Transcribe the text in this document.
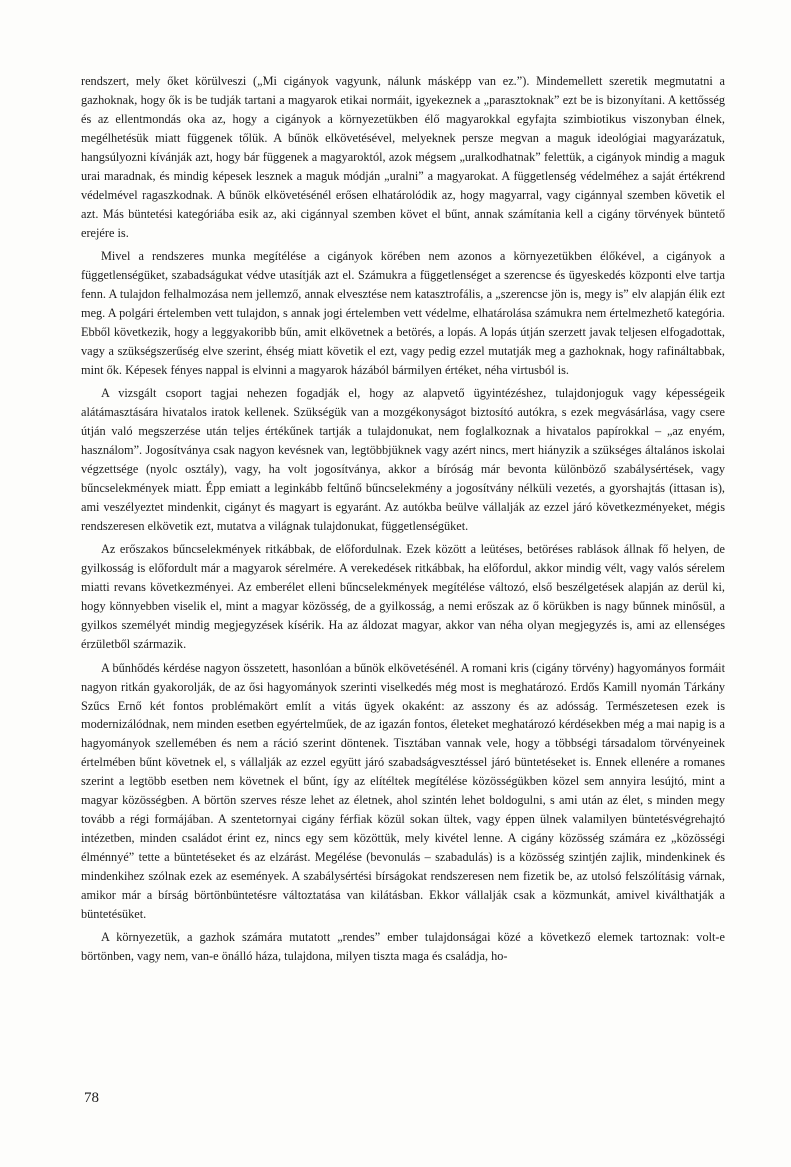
rendszert, mely őket körülveszi („Mi cigányok vagyunk, nálunk másképp van ez.”). Mindemellett szeretik megmutatni a gazhoknak, hogy ők is be tudják tartani a magyarok etikai normáit, igyekeznek a „parasztoknak” ezt be is bizonyítani. A kettősség és az ellentmondás oka az, hogy a cigányok a környezetükben élő magyarokkal egyfajta szimbiotikus viszonyban élnek, megélhetésük miatt függenek tőlük. A bűnök elkövetésével, melyeknek persze megvan a maguk ideológiai magyarázatuk, hangsúlyozni kívánják azt, hogy bár függenek a magyaroktól, azok mégsem „uralkodhatnak” felettük, a cigányok mindig a maguk urai maradnak, és mindig képesek lesznek a maguk módján „uralni” a magyarokat. A függetlenség védelméhez a saját értékrend védelmével ragaszkodnak. A bűnök elkövetésénél erősen elhatárolódik az, hogy magyarral, vagy cigánnyal szemben követik el azt. Más büntetési kategóriába esik az, aki cigánnyal szemben követ el bűnt, annak számítania kell a cigány törvények büntető erejére is.

Mivel a rendszeres munka megítélése a cigányok körében nem azonos a környezetükben élőkével, a cigányok a függetlenségüket, szabadságukat védve utasítják azt el. Számukra a függetlenséget a szerencse és ügyeskedés központi elve tartja fenn. A tulajdon felhalmozása nem jellemző, annak elvesztése nem katasztrofális, a „szerencse jön is, megy is” elv alapján élik ezt meg. A polgári értelemben vett tulajdon, s annak jogi értelemben vett védelme, elhatárolása számukra nem értelmezhető kategória. Ebből következik, hogy a leggyakoribb bűn, amit elkövetnek a betörés, a lopás. A lopás útján szerzett javak teljesen elfogadottak, vagy a szükségszerűség elve szerint, éhség miatt követik el ezt, vagy pedig ezzel mutatják meg a gazhoknak, hogy rafináltabbak, mint ők. Képesek fényes nappal is elvinni a magyarok házából bármilyen értéket, néha virtusból is.

A vizsgált csoport tagjai nehezen fogadják el, hogy az alapvető ügyintézéshez, tulajdonjoguk vagy képességeik alátámasztására hivatalos iratok kellenek. Szükségük van a mozgékonyságot biztosító autókra, s ezek megvásárlása, vagy csere útján való megszerzése után teljes értékűnek tartják a tulajdonukat, nem foglalkoznak a hivatalos papírokkal – „az enyém, használom”. Jogosítványa csak nagyon kevésnek van, legtöbbjüknek vagy azért nincs, mert hiányzik a szükséges általános iskolai végzettsége (nyolc osztály), vagy, ha volt jogosítványa, akkor a bíróság már bevonta különböző szabálysértések, vagy bűncselekmények miatt. Épp emiatt a leginkább feltűnő bűncselekmény a jogosítvány nélküli vezetés, a gyorshajtás (ittasan is), ami veszélyeztet mindenkit, cigányt és magyart is egyaránt. Az autókba beülve vállalják az ezzel járó következményeket, mégis rendszeresen elkövetik ezt, mutatva a világnak tulajdonukat, függetlenségüket.

Az erőszakos bűncselekmények ritkábbak, de előfordulnak. Ezek között a leütéses, betöréses rablások állnak fő helyen, de gyilkosság is előfordult már a magyarok sérelmére. A verekedések ritkábbak, ha előfordul, akkor mindig vélt, vagy valós sérelem miatti revans következményei. Az emberélet elleni bűncselekmények megítélése változó, első beszélgetések alapján az derül ki, hogy könnyebben viselik el, mint a magyar közösség, de a gyilkosság, a nemi erőszak az ő körükben is nagy bűnnek minősül, a gyilkos személyét mindig megjegyzések kísérik. Ha az áldozat magyar, akkor van néha olyan megjegyzés is, ami az ellenséges érzületből származik.

A bűnhődés kérdése nagyon összetett, hasonlóan a bűnök elkövetésénél. A romani kris (cigány törvény) hagyományos formáit nagyon ritkán gyakorolják, de az ősi hagyományok szerinti viselkedés még most is meghatározó. Erdős Kamill nyomán Tárkány Szűcs Ernő két fontos problémakört említ a vitás ügyek okaként: az asszony és az adósság. Természetesen ezek is modernizálódnak, nem minden esetben egyértelműek, de az igazán fontos, életeket meghatározó kérdésekben még a mai napig is a hagyományok szellemében és nem a ráció szerint döntenek. Tisztában vannak vele, hogy a többségi társadalom törvényeinek értelmében bűnt követnek el, s vállalják az ezzel együtt járó szabadságvesztéssel járó büntetéseket is. Ennek ellenére a romanes szerint a legtöbb esetben nem követnek el bűnt, így az elítéltek megítélése közösségükben közel sem annyira lesújtó, mint a magyar közösségben. A börtön szerves része lehet az életnek, ahol szintén lehet boldogulni, s ami után az élet, s minden megy tovább a régi formájában. A szentetornyai cigány férfiak közül sokan ültek, vagy éppen ülnek valamilyen büntetésvégrehajtó intézetben, minden családot érint ez, nincs egy sem közöttük, mely kivétel lenne. A cigány közösség számára ez „közösségi élménnyé” tette a büntetéseket és az elzárást. Megélése (bevonulás – szabadulás) is a közösség szintjén zajlik, mindenkinek és mindenkihez szólnak ezek az események. A szabálysértési bírságokat rendszeresen nem fizetik be, az utolsó felszólításig várnak, amikor már a bírság börtönbüntetésre változtatása van kilátásban. Ekkor vállalják csak a közmunkát, amivel kiválthatják a büntetésüket.

A környezetük, a gazhok számára mutatott „rendes” ember tulajdonságai közé a következő elemek tartoznak: volt-e börtönben, vagy nem, van-e önálló háza, tulajdona, milyen tiszta maga és családja, ho-

78
